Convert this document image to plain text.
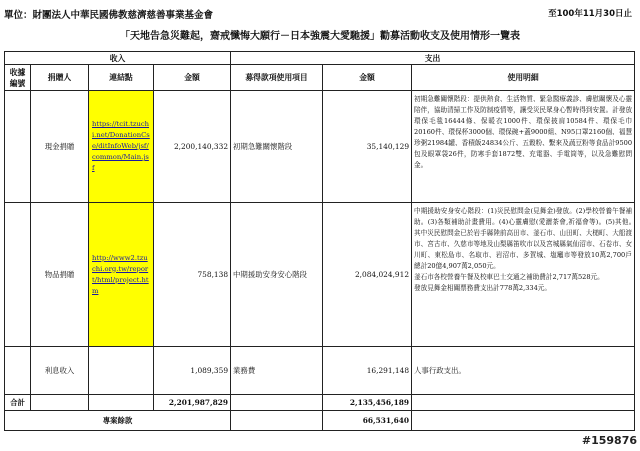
單位：財團法人中華民國佛教慈濟慈善事業基金會	至100年11月30日止
「天地告急災難起，齋戒懺悔大願行－日本強震大愛馳援」勸募活動收支及使用情形一覽表
收入				支出		
收據編號	捐贈人	連結點	金額	募得款項使用項目	金額	使用明細
	現金捐贈	https://tcit.tzuchi.net/DonationCse/ditInfoWeb/jsf/common/Main.jsf	2,200,140,332	初期急難關懷階段	35,140,129	初期急難關懷階段：提供熱食、生活物質、緊急醫療義診、膚慰關懷及心靈陪伴，協助清掃工作及防制疫情等，讓受災民眾身心暫時得到安置。計發放環保毛毯16444條、保暖衣1000件、環保披肩10584件、環保毛巾20160件、環保杯3000個、環保碗+蓋9000組、N95口罩2160個、福慧珍粥21984罐、香積飯24834公斤、五穀粉、繫來及蔬豆粉等食品計9500包及眼罩袋26件，防寒手套1872雙、充電器、手電筒等，以及急難慰問金。

	物品捐贈	http://www2.tzuchi.org.tw/report/html/project.htm	758,138	中期援助安身安心階段	2,084,024,912	中期援助安身安心階段：(1)災民慰問金(見舞金)發放。(2)學校營養午餐補助。(3)各類補助計畫費用。(4)心靈膚慰(愛灑茶會,祈福會等)。(5)其他。　其中災民慰問金已於岩手縣陸前高田市、釜石市、山田町、大槌町、大船渡市、宮古市、久慈市等地及山梨縣笛吹市以及宮城縣氣仙沼市、石卷市、女川町、東松島市、名取市、岩沼市、多賀城、塩竈市等發放10萬2,700戶總計20億4,907萬2,050元。

釜石市各校營養午餐及校車巴士交通之補助費計2,717萬528元。

發放見舞金相關票務費支出計778萬2,334元。

	利息收入		1,089,359	業務費	16,291,148	人事行政支出。
合計			2,201,987,829		2,135,456,189	
專案餘款					66,531,640	
#159876
